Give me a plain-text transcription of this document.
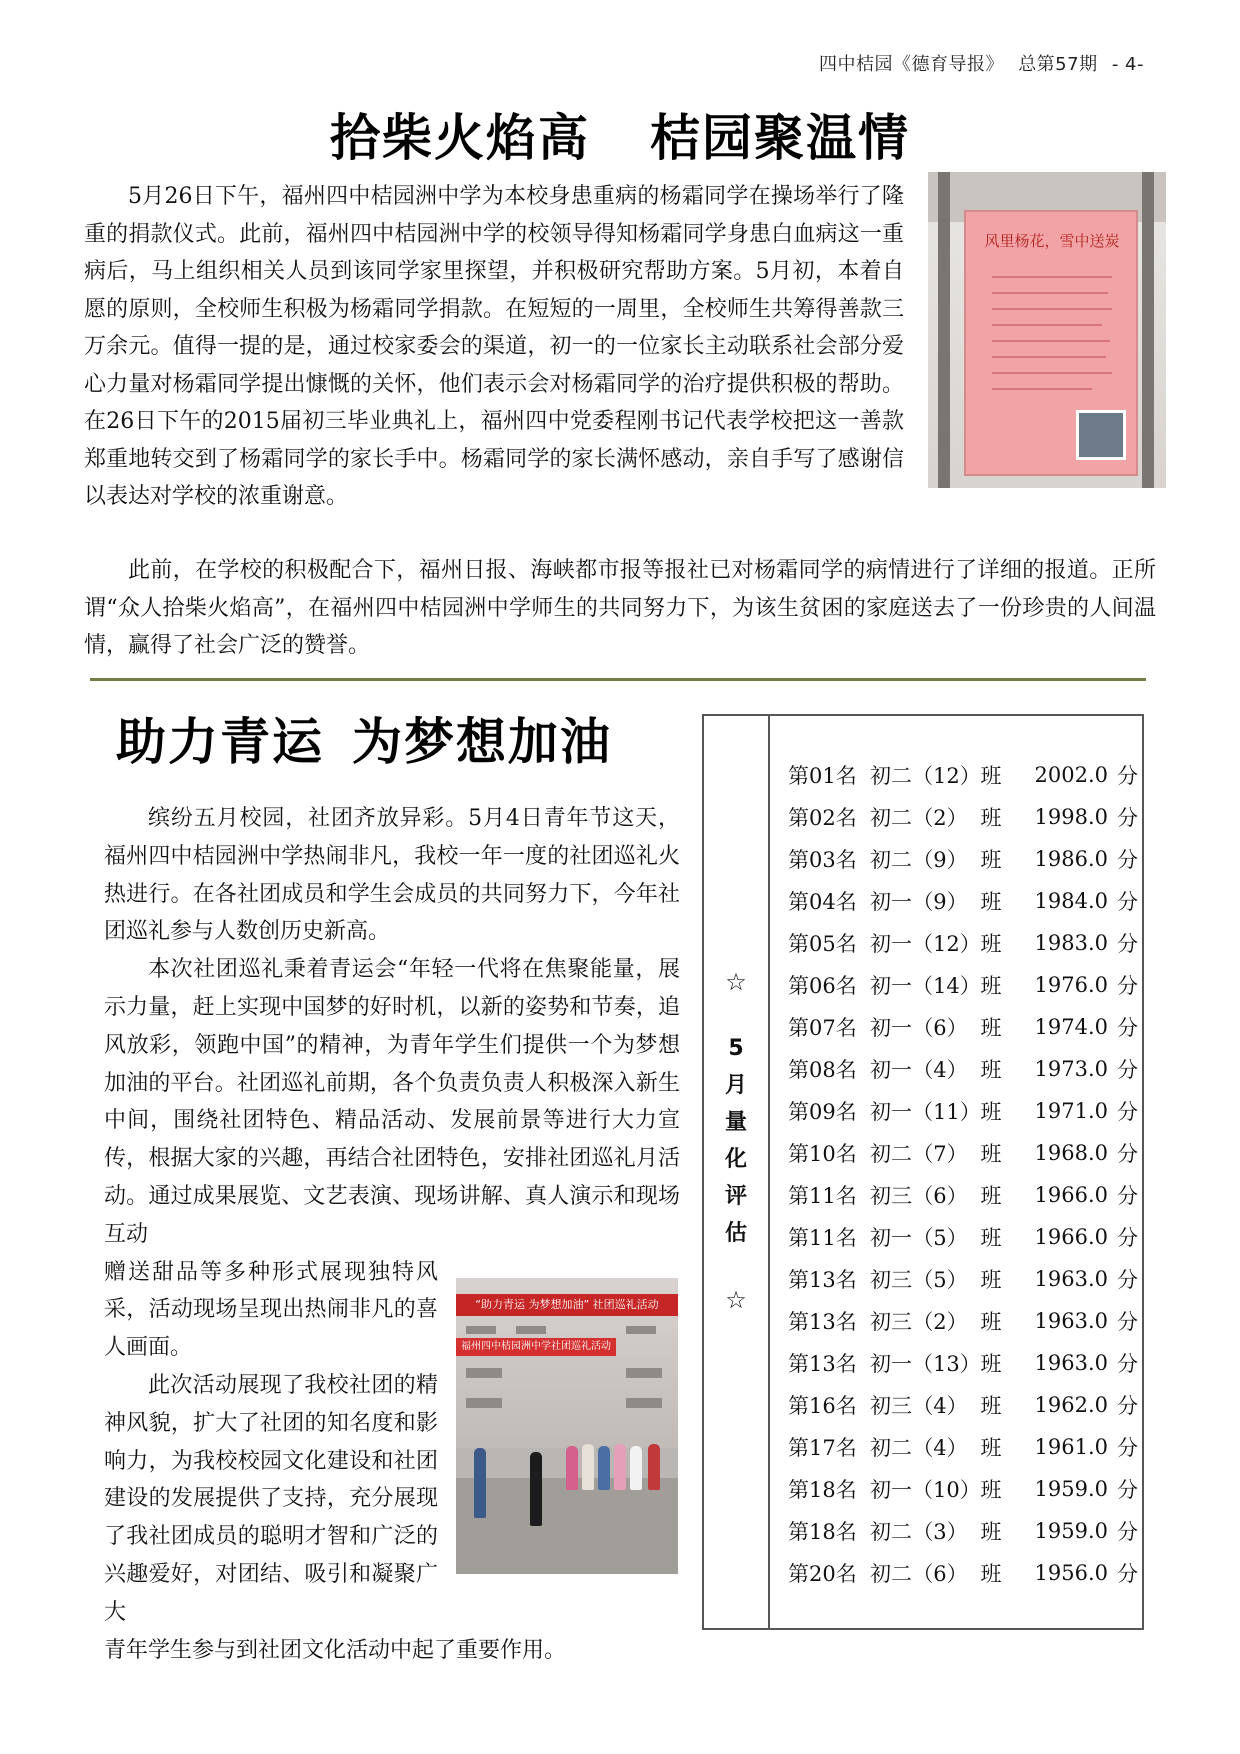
四中桔园《德育导报》 总第57期 - 4-
拾柴火焰高 桔园聚温情

5月26日下午，福州四中桔园洲中学为本校身患重病的杨霜同学在操场举行了隆重的捐款仪式。此前，福州四中桔园洲中学的校领导得知杨霜同学身患白血病这一重病后，马上组织相关人员到该同学家里探望，并积极研究帮助方案。5月初，本着自愿的原则，全校师生积极为杨霜同学捐款。在短短的一周里，全校师生共筹得善款三万余元。值得一提的是，通过校家委会的渠道，初一的一位家长主动联系社会部分爱心力量对杨霜同学提出慷慨的关怀，他们表示会对杨霜同学的治疗提供积极的帮助。在26日下午的2015届初三毕业典礼上，福州四中党委程刚书记代表学校把这一善款郑重地转交到了杨霜同学的家长手中。杨霜同学的家长满怀感动，亲自手写了感谢信以表达对学校的浓重谢意。

此前，在学校的积极配合下，福州日报、海峡都市报等报社已对杨霜同学的病情进行了详细的报道。正所谓“众人拾柴火焰高”，在福州四中桔园洲中学师生的共同努力下，为该生贫困的家庭送去了一份珍贵的人间温情，赢得了社会广泛的赞誉。

风里杨花，雪中送炭
助力青运 为梦想加油

缤纷五月校园，社团齐放异彩。5月4日青年节这天，福州四中桔园洲中学热闹非凡，我校一年一度的社团巡礼火热进行。在各社团成员和学生会成员的共同努力下，今年社团巡礼参与人数创历史新高。

本次社团巡礼秉着青运会“年轻一代将在焦聚能量，展示力量，赶上实现中国梦的好时机，以新的姿势和节奏，追风放彩，领跑中国”的精神，为青年学生们提供一个为梦想加油的平台。社团巡礼前期，各个负责负责人积极深入新生中间，围绕社团特色、精品活动、发展前景等进行大力宣传，根据大家的兴趣，再结合社团特色，安排社团巡礼月活动。通过成果展览、文艺表演、现场讲解、真人演示和现场互动

赠送甜品等多种形式展现独特风采，活动现场呈现出热闹非凡的喜人画面。

此次活动展现了我校社团的精神风貌，扩大了社团的知名度和影响力，为我校校园文化建设和社团建设的发展提供了支持，充分展现了我社团成员的聪明才智和广泛的兴趣爱好，对团结、吸引和凝聚广大

青年学生参与到社团文化活动中起了重要作用。

“助力青运 为梦想加油” 社团巡礼活动
福州四中桔园洲中学社团巡礼活动
☆
5
月
量
化
评
估
☆
第01名 初二 （12） 班	2002.0 分
第02名 初二 （2） 班	1998.0 分
第03名 初二 （9） 班	1986.0 分
第04名 初一 （9） 班	1984.0 分
第05名 初一 （12） 班	1983.0 分
第06名 初一 （14） 班	1976.0 分
第07名 初一 （6） 班	1974.0 分
第08名 初一 （4） 班	1973.0 分
第09名 初一 （11） 班	1971.0 分
第10名 初二 （7） 班	1968.0 分
第11名 初三 （6） 班	1966.0 分
第11名 初一 （5） 班	1966.0 分
第13名 初三 （5） 班	1963.0 分
第13名 初三 （2） 班	1963.0 分
第13名 初一 （13） 班	1963.0 分
第16名 初三 （4） 班	1962.0 分
第17名 初二 （4） 班	1961.0 分
第18名 初一 （10） 班	1959.0 分
第18名 初二 （3） 班	1959.0 分
第20名 初二 （6） 班	1956.0 分
